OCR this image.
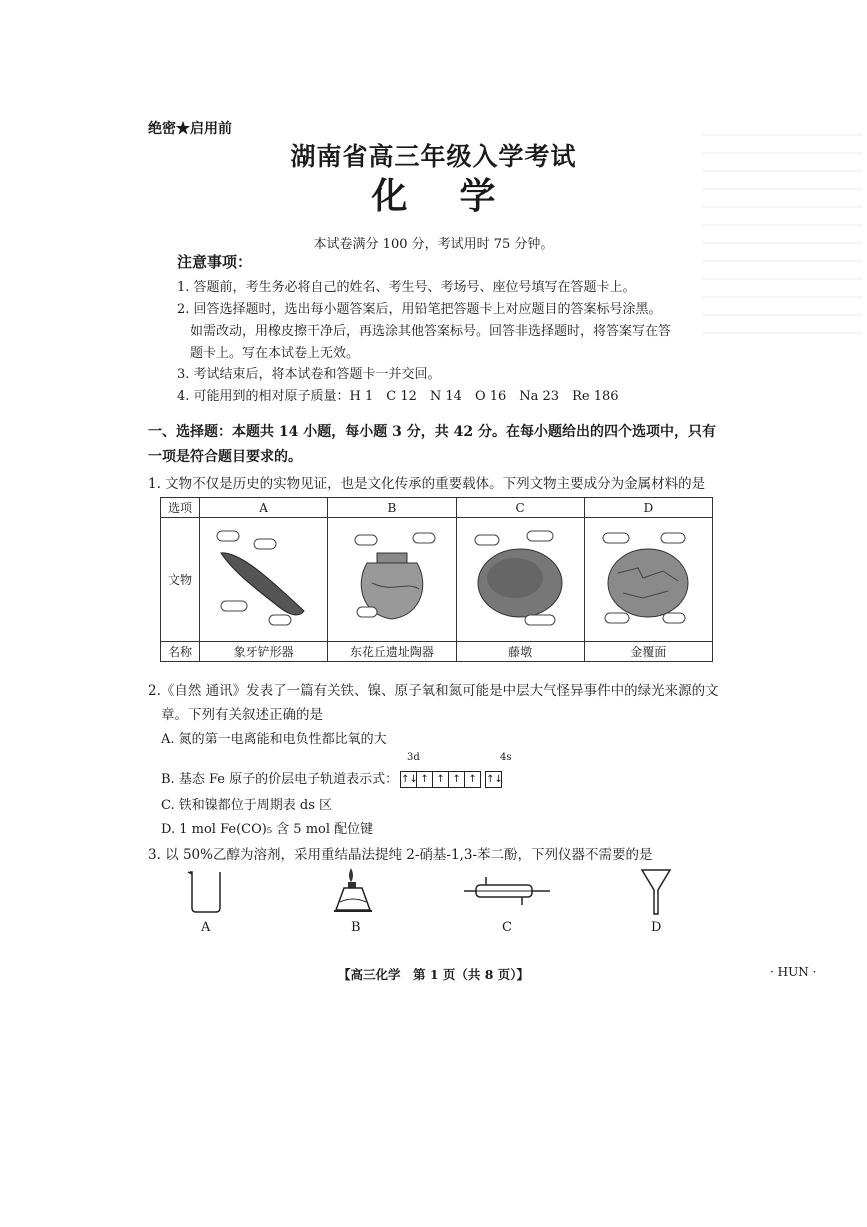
绝密★启用前
湖南省高三年级入学考试
化学
本试卷满分 100 分，考试用时 75 分钟。
注意事项：
1. 答题前，考生务必将自己的姓名、考生号、考场号、座位号填写在答题卡上。
2. 回答选择题时，选出每小题答案后，用铅笔把答题卡上对应题目的答案标号涂黑。
如需改动，用橡皮擦干净后，再选涂其他答案标号。回答非选择题时，将答案写在答
题卡上。写在本试卷上无效。
3. 考试结束后，将本试卷和答题卡一并交回。
4. 可能用到的相对原子质量：H 1　C 12　N 14　O 16　Na 23　Re 186
一、选择题：本题共 14 小题，每小题 3 分，共 42 分。在每小题给出的四个选项中，只有一项是符合题目要求的。
1. 文物不仅是历史的实物见证，也是文化传承的重要载体。下列文物主要成分为金属材料的是
选项	A	B	C	D
文物				
名称	象牙铲形器	东花丘遗址陶器	藤墩	金覆面
2.《自然 通讯》发表了一篇有关铁、镍、原子氧和氮可能是中层大气怪异事件中的绿光来源的文
章。下列有关叙述正确的是
A. 氮的第一电离能和电负性都比氧的大
3d	4s
B. 基态 Fe 原子的价层电子轨道表示式： ↑↓ ↑ ↑ ↑ ↑ ↑↓
C. 铁和镍都位于周期表 ds 区
D. 1 mol Fe(CO)₅ 含 5 mol 配位键
3. 以 50%乙醇为溶剂，采用重结晶法提纯 2-硝基-1,3-苯二酚，下列仪器不需要的是
A	B	C	D
【高三化学　第 1 页（共 8 页）】	· HUN ·
